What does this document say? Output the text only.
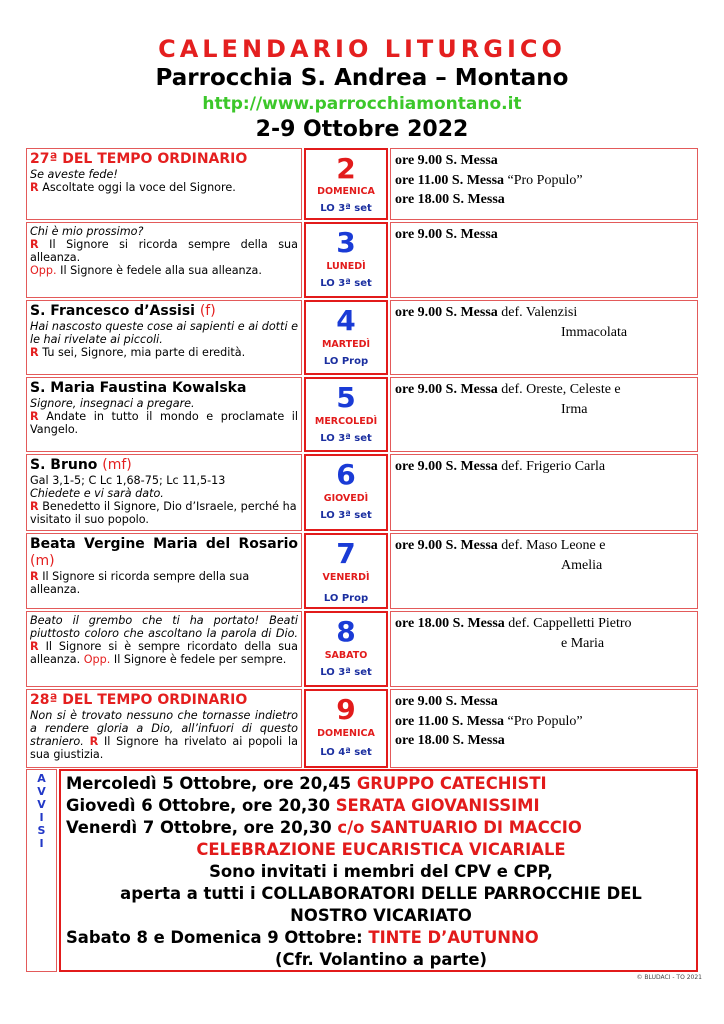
CALENDARIO LITURGICO
Parrocchia S. Andrea – Montano
http://www.parrocchiamontano.it
2-9 Ottobre 2022
27ª DEL TEMPO ORDINARIO
Se aveste fede!
R Ascoltate oggi la voce del Signore.
2
DOMENICA
LO 3ª set
ore 9.00 S. Messa
ore 11.00 S. Messa “Pro Populo”
ore 18.00 S. Messa
Chi è mio prossimo?
R Il Signore si ricorda sempre della sua alleanza.
Opp. Il Signore è fedele alla sua alleanza.
3
LUNEDÌ
LO 3ª set
ore 9.00 S. Messa
S. Francesco d’Assisi (f)
Hai nascosto queste cose ai sapienti e ai dotti e le hai rivelate ai piccoli.
R Tu sei, Signore, mia parte di eredità.
4
MARTEDÌ
LO Prop
ore 9.00 S. Messa def. Valenzisi
Immacolata
S. Maria Faustina Kowalska
Signore, insegnaci a pregare.
R Andate in tutto il mondo e proclamate il Vangelo.
5
MERCOLEDÌ
LO 3ª set
ore 9.00 S. Messa def. Oreste, Celeste e
Irma
S. Bruno (mf)
Gal 3,1-5; C Lc 1,68-75; Lc 11,5-13
Chiedete e vi sarà dato.
R Benedetto il Signore, Dio d’Israele, perché ha visitato il suo popolo.
6
GIOVEDÌ
LO 3ª set
ore 9.00 S. Messa def. Frigerio Carla
Beata Vergine Maria del Rosario (m)
R Il Signore si ricorda sempre della sua alleanza.
7
VENERDÌ
LO Prop
ore 9.00 S. Messa def. Maso Leone e
Amelia
Beato il grembo che ti ha portato! Beati piuttosto coloro che ascoltano la parola di Dio. R Il Signore si è sempre ricordato della sua alleanza. Opp. Il Signore è fedele per sempre.
8
SABATO
LO 3ª set
ore 18.00 S. Messa def. Cappelletti Pietro
e Maria
28ª DEL TEMPO ORDINARIO
Non si è trovato nessuno che tornasse indietro a rendere gloria a Dio, all’infuori di questo straniero. R Il Signore ha rivelato ai popoli la sua giustizia.
9
DOMENICA
LO 4ª set
ore 9.00 S. Messa
ore 11.00 S. Messa “Pro Populo”
ore 18.00 S. Messa
A
V
V
I
S
I
Mercoledì 5 Ottobre, ore 20,45 GRUPPO CATECHISTI
Giovedì 6 Ottobre, ore 20,30 SERATA GIOVANISSIMI
Venerdì 7 Ottobre, ore 20,30 c/o SANTUARIO DI MACCIO
CELEBRAZIONE EUCARISTICA VICARIALE
Sono invitati i membri del CPV e CPP,
aperta a tutti i COLLABORATORI DELLE PARROCCHIE DEL
NOSTRO VICARIATO
Sabato 8 e Domenica 9 Ottobre: TINTE D’AUTUNNO
(Cfr. Volantino a parte)
© BLUDACI - TO 2021
